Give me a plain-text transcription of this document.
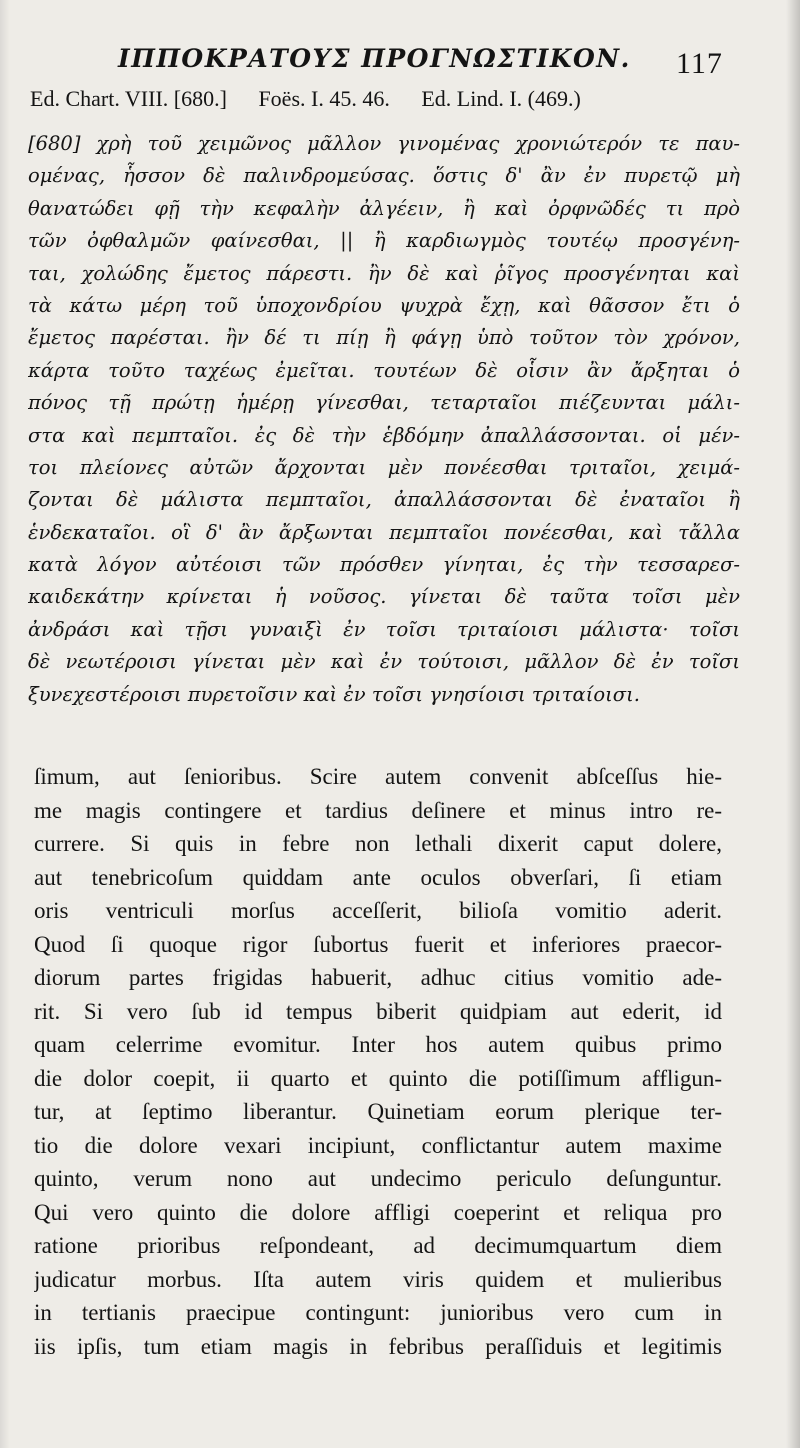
ΙΠΠΟΚΡΑΤΟΥΣ ΠΡΟΓΝΩΣΤΙΚΟΝ. 117
Ed. Chart. VIII. [680.] Foës. I. 45. 46. Ed. Lind. I. (469.)
[680] χρὴ τοῦ χειμῶνος μᾶλλον γινομένας χρονιώτερόν τε παυ-
ομένας, ἧσσον δὲ παλινδρομεύσας. ὅστις δ' ἂν ἐν πυρετῷ μὴ
θανατώδει φῇ τὴν κεφαλὴν ἀλγέειν, ἢ καὶ ὀρφνῶδές τι πρὸ
τῶν ὀφθαλμῶν φαίνεσθαι, || ἢ καρδιωγμὸς τουτέῳ προσγένη-
ται, χολώδης ἔμετος πάρεστι. ἢν δὲ καὶ ῥῖγος προσγένηται καὶ
τὰ κάτω μέρη τοῦ ὑποχονδρίου ψυχρὰ ἔχῃ, καὶ θᾶσσον ἔτι ὁ
ἔμετος παρέσται. ἢν δέ τι πίῃ ἢ φάγῃ ὑπὸ τοῦτον τὸν χρόνον,
κάρτα τοῦτο ταχέως ἐμεῖται. τουτέων δὲ οἷσιν ἂν ἄρξηται ὁ
πόνος τῇ πρώτῃ ἡμέρῃ γίνεσθαι, τεταρταῖοι πιέζευνται μάλι-
στα καὶ πεμπταῖοι. ἐς δὲ τὴν ἑβδόμην ἀπαλλάσσονται. οἱ μέν-
τοι πλείονες αὐτῶν ἄρχονται μὲν πονέεσθαι τριταῖοι, χειμά-
ζονται δὲ μάλιστα πεμπταῖοι, ἀπαλλάσσονται δὲ ἐναταῖοι ἢ
ἑνδεκαταῖοι. οἳ δ' ἂν ἄρξωνται πεμπταῖοι πονέεσθαι, καὶ τἄλλα
κατὰ λόγον αὐτέοισι τῶν πρόσθεν γίνηται, ἐς τὴν τεσσαρεσ-
καιδεκάτην κρίνεται ἡ νοῦσος. γίνεται δὲ ταῦτα τοῖσι μὲν
ἀνδράσι καὶ τῇσι γυναιξὶ ἐν τοῖσι τριταίοισι μάλιστα· τοῖσι
δὲ νεωτέροισι γίνεται μὲν καὶ ἐν τούτοισι, μᾶλλον δὲ ἐν τοῖσι
ξυνεχεστέροισι πυρετοῖσιν καὶ ἐν τοῖσι γνησίοισι τριταίοισι.
ſimum, aut ſenioribus. Scire autem convenit abſceſſus hie-
me magis contingere et tardius deſinere et minus intro re-
currere. Si quis in febre non lethali dixerit caput dolere,
aut tenebricoſum quiddam ante oculos obverſari, ſi etiam
oris ventriculi morſus acceſſerit, bilioſa vomitio aderit.
Quod ſi quoque rigor ſubortus fuerit et inferiores praecor-
diorum partes frigidas habuerit, adhuc citius vomitio ade-
rit. Si vero ſub id tempus biberit quidpiam aut ederit, id
quam celerrime evomitur. Inter hos autem quibus primo
die dolor coepit, ii quarto et quinto die potiſſimum affligun-
tur, at ſeptimo liberantur. Quinetiam eorum plerique ter-
tio die dolore vexari incipiunt, conflictantur autem maxime
quinto, verum nono aut undecimo periculo deſunguntur.
Qui vero quinto die dolore affligi coeperint et reliqua pro
ratione prioribus reſpondeant, ad decimumquartum diem
judicatur morbus. Iſta autem viris quidem et mulieribus
in tertianis praecipue contingunt: junioribus vero cum in
iis ipſis, tum etiam magis in febribus peraſſiduis et legitimis
